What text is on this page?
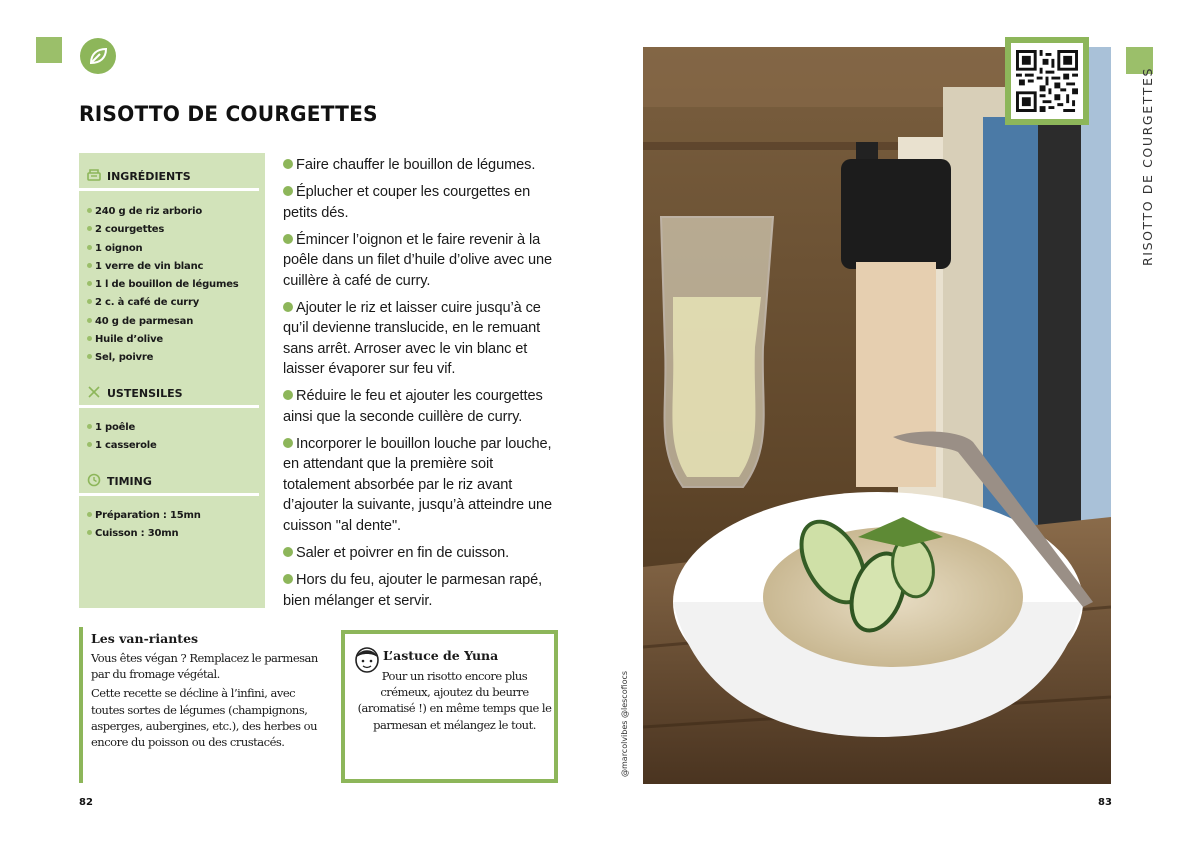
RISOTTO DE COURGETTES
INGRÉDIENTS
240 g de riz arborio
2 courgettes
1 oignon
1 verre de vin blanc
1 l de bouillon de légumes
2 c. à café de curry
40 g de parmesan
Huile d’olive
Sel, poivre
USTENSILES
1 poêle
1 casserole
TIMING
Préparation : 15mn
Cuisson : 30mn
Faire chauffer le bouillon de légumes.
Éplucher et couper les courgettes en petits dés.
Émincer l’oignon et le faire revenir à la poêle dans un filet d’huile d’olive avec une cuillère à café de curry.
Ajouter le riz et laisser cuire jusqu’à ce qu’il devienne translucide, en le remuant sans arrêt. Arroser avec le vin blanc et laisser évaporer sur feu vif.
Réduire le feu et ajouter les courgettes ainsi que la seconde cuillère de curry.
Incorporer le bouillon louche par louche, en attendant que la première soit totalement absorbée par le riz avant d’ajouter la suivante, jusqu’à atteindre une cuisson "al dente".
Saler et poivrer en fin de cuisson.
Hors du feu, ajouter le parmesan rapé, bien mélanger et servir.
Les van-riantes

Vous êtes végan ? Remplacez le parmesan par du fromage végétal.

Cette recette se décline à l’infini, avec toutes sortes de légumes (champignons, asperges, aubergines, etc.), des herbes ou encore du poisson ou des crustacés.

L’astuce de Yuna

Pour un risotto encore plus crémeux, ajoutez du beurre (aromatisé !) en même temps que le parmesan et mélangez le tout.

82
RISOTTO DE COURGETTES
@marcolvibes @lescofiocs
83
